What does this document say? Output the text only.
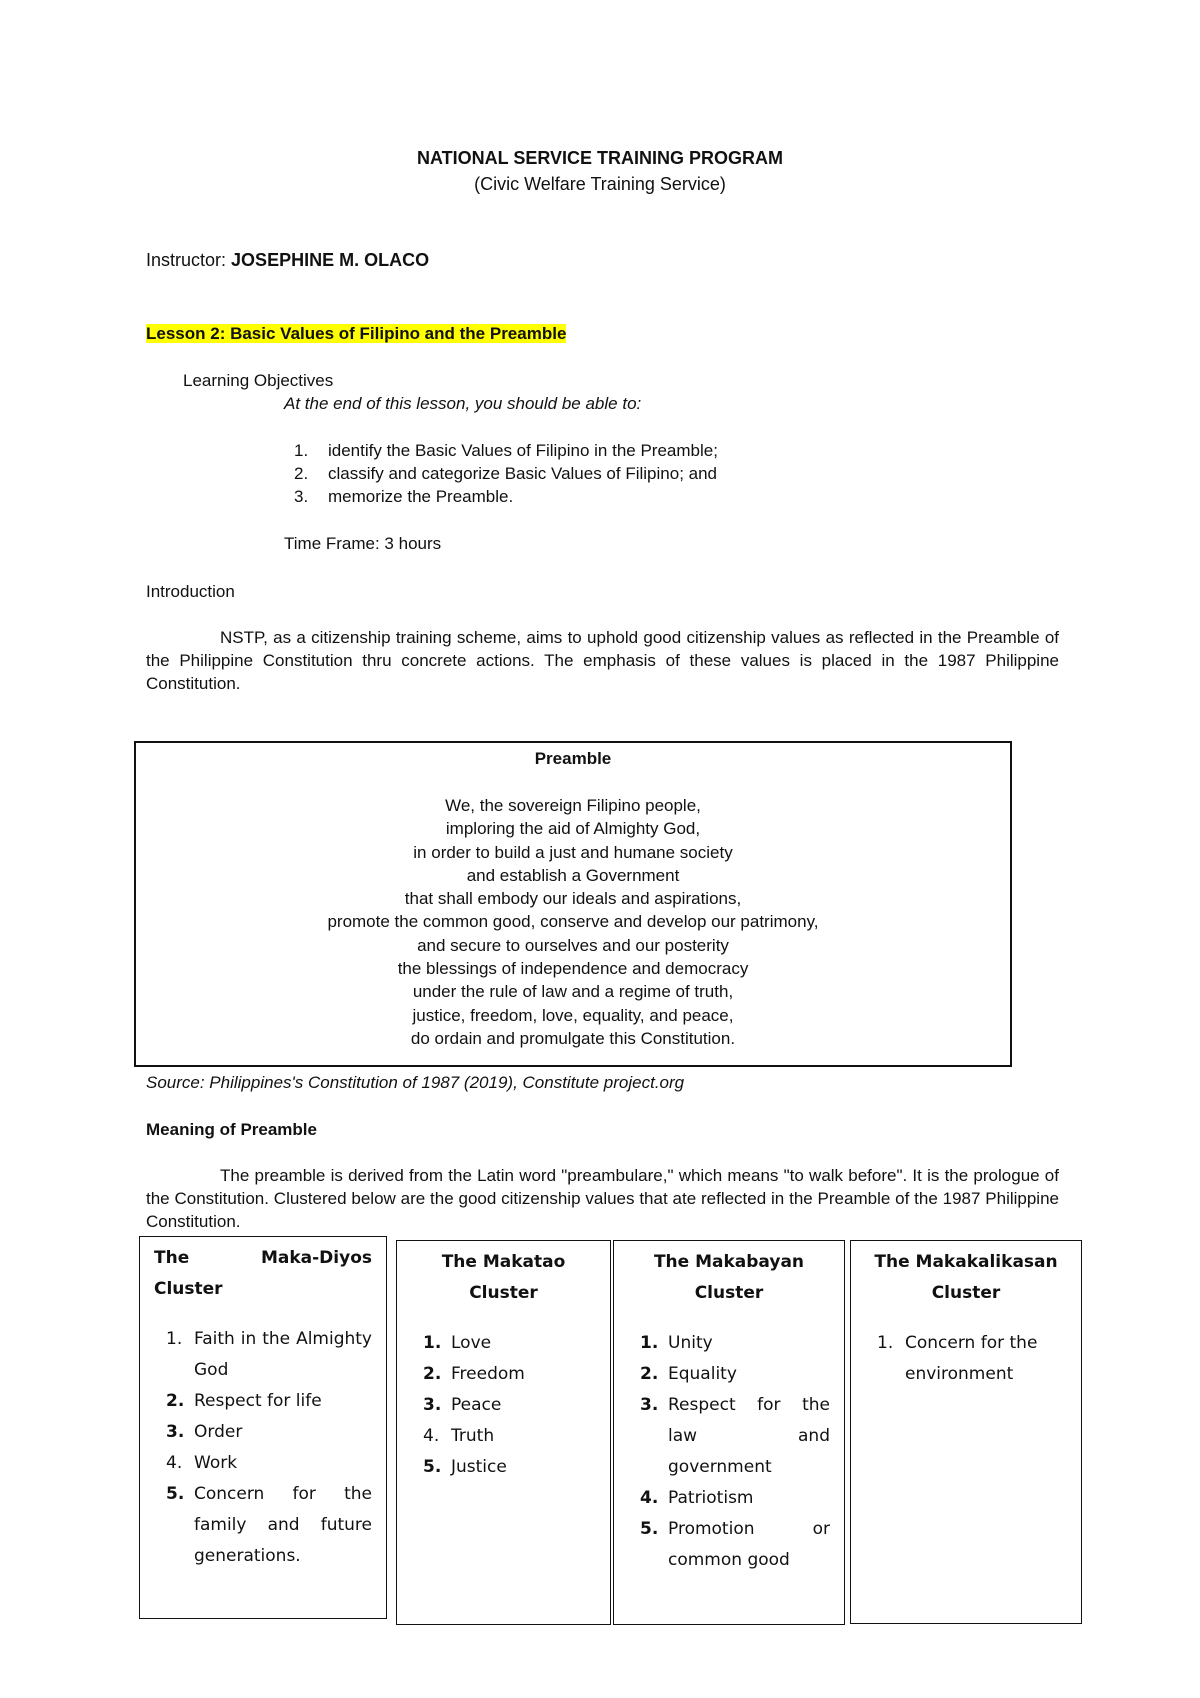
NATIONAL SERVICE TRAINING PROGRAM
(Civic Welfare Training Service)
Instructor: JOSEPHINE M. OLACO
Lesson 2: Basic Values of Filipino and the Preamble
Learning Objectives
At the end of this lesson, you should be able to:
1. identify the Basic Values of Filipino in the Preamble;
2. classify and categorize Basic Values of Filipino; and
3. memorize the Preamble.
Time Frame: 3 hours
Introduction
NSTP, as a citizenship training scheme, aims to uphold good citizenship values as reflected in the Preamble of the Philippine Constitution thru concrete actions. The emphasis of these values is placed in the 1987 Philippine Constitution.
Preamble
We, the sovereign Filipino people,
imploring the aid of Almighty God,
in order to build a just and humane society
and establish a Government
that shall embody our ideals and aspirations,
promote the common good, conserve and develop our patrimony,
and secure to ourselves and our posterity
the blessings of independence and democracy
under the rule of law and a regime of truth,
justice, freedom, love, equality, and peace,
do ordain and promulgate this Constitution.
Source: Philippines's Constitution of 1987 (2019), Constitute project.org
Meaning of Preamble
The preamble is derived from the Latin word "preambulare," which means "to walk before". It is the prologue of the Constitution. Clustered below are the good citizenship values that ate reflected in the Preamble of the 1987 Philippine Constitution.
The Maka-Diyos Cluster
1. Faith in the Almighty God
2. Respect for life
3. Order
4. Work
5. Concern for the family and future generations.
The Makatao Cluster
1. Love
2. Freedom
3. Peace
4. Truth
5. Justice
The Makabayan Cluster
1. Unity
2. Equality
3. Respect for the law and government
4. Patriotism
5. Promotion or common good
The Makakalikasan Cluster
1. Concern for the environment
